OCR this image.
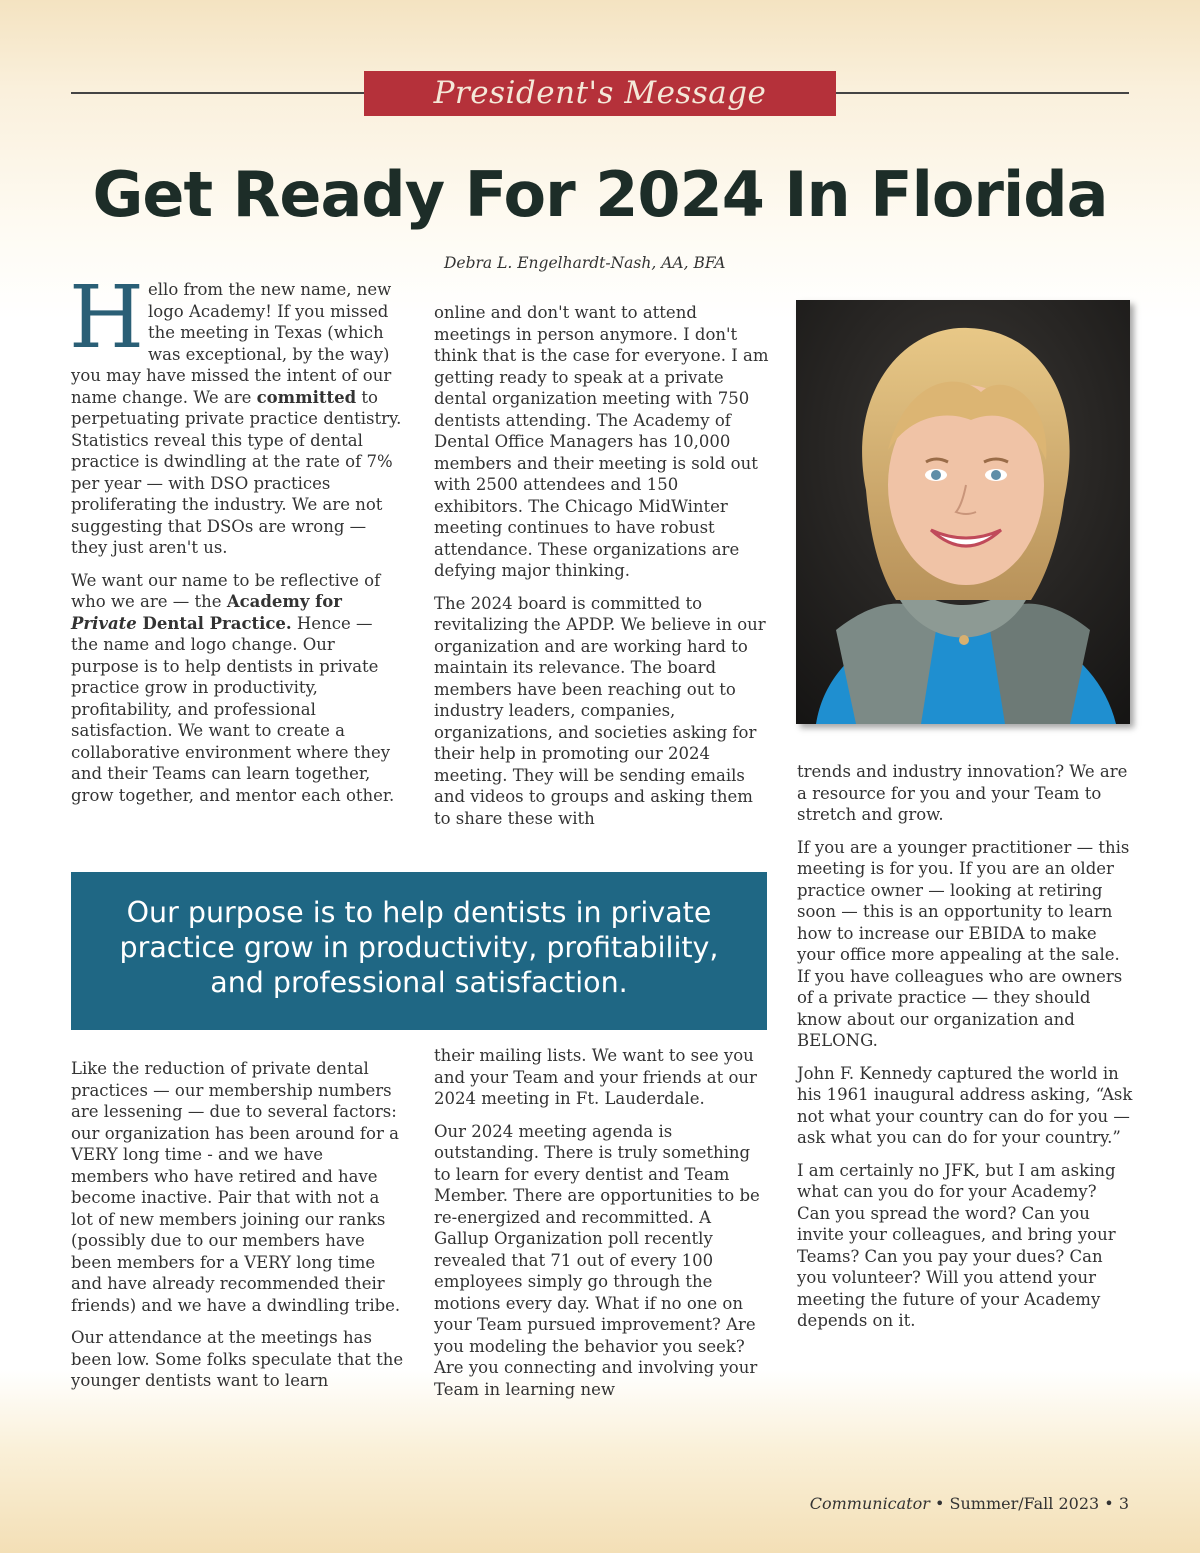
President's Message
Get Ready For 2024 In Florida
Debra L. Engelhardt-Nash, AA, BFA

Hello from the new name, new logo Academy! If you missed the meeting in Texas (which was exceptional, by the way) you may have missed the intent of our name change. We are committed to perpetuating private practice dentistry. Statistics reveal this type of dental practice is dwindling at the rate of 7% per year — with DSO practices proliferating the industry. We are not suggesting that DSOs are wrong — they just aren't us.

We want our name to be reflective of who we are — the Academy for Private Dental Practice. Hence — the name and logo change. Our purpose is to help dentists in private practice grow in productivity, profitability, and professional satisfaction. We want to create a collaborative environment where they and their Teams can learn together, grow together, and mentor each other.

online and don't want to attend meetings in person anymore. I don't think that is the case for everyone. I am getting ready to speak at a private dental organization meeting with 750 dentists attending. The Academy of Dental Office Managers has 10,000 members and their meeting is sold out with 2500 attendees and 150 exhibitors. The Chicago MidWinter meeting continues to have robust attendance. These organizations are defying major thinking.

The 2024 board is committed to revitalizing the APDP. We believe in our organization and are working hard to maintain its relevance. The board members have been reaching out to industry leaders, companies, organizations, and societies asking for their help in promoting our 2024 meeting. They will be sending emails and videos to groups and asking them to share these with

Our purpose is to help dentists in private practice grow in productivity, profitability, and professional satisfaction.

Like the reduction of private dental practices — our membership numbers are lessening — due to several factors: our organization has been around for a VERY long time - and we have members who have retired and have become inactive. Pair that with not a lot of new members joining our ranks (possibly due to our members have been members for a VERY long time and have already recommended their friends) and we have a dwindling tribe.

Our attendance at the meetings has been low. Some folks speculate that the younger dentists want to learn

their mailing lists. We want to see you and your Team and your friends at our 2024 meeting in Ft. Lauderdale.

Our 2024 meeting agenda is outstanding. There is truly something to learn for every dentist and Team Member. There are opportunities to be re-energized and recommitted. A Gallup Organization poll recently revealed that 71 out of every 100 employees simply go through the motions every day. What if no one on your Team pursued improvement? Are you modeling the behavior you seek? Are you connecting and involving your Team in learning new

trends and industry innovation? We are a resource for you and your Team to stretch and grow.

If you are a younger practitioner — this meeting is for you. If you are an older practice owner — looking at retiring soon — this is an opportunity to learn how to increase our EBIDA to make your office more appealing at the sale. If you have colleagues who are owners of a private practice — they should know about our organization and BELONG.

John F. Kennedy captured the world in his 1961 inaugural address asking, “Ask not what your country can do for you — ask what you can do for your country.”

I am certainly no JFK, but I am asking what can you do for your Academy? Can you spread the word? Can you invite your colleagues, and bring your Teams? Can you pay your dues? Can you volunteer? Will you attend your meeting the future of your Academy depends on it.

Communicator • Summer/Fall 2023 • 3
